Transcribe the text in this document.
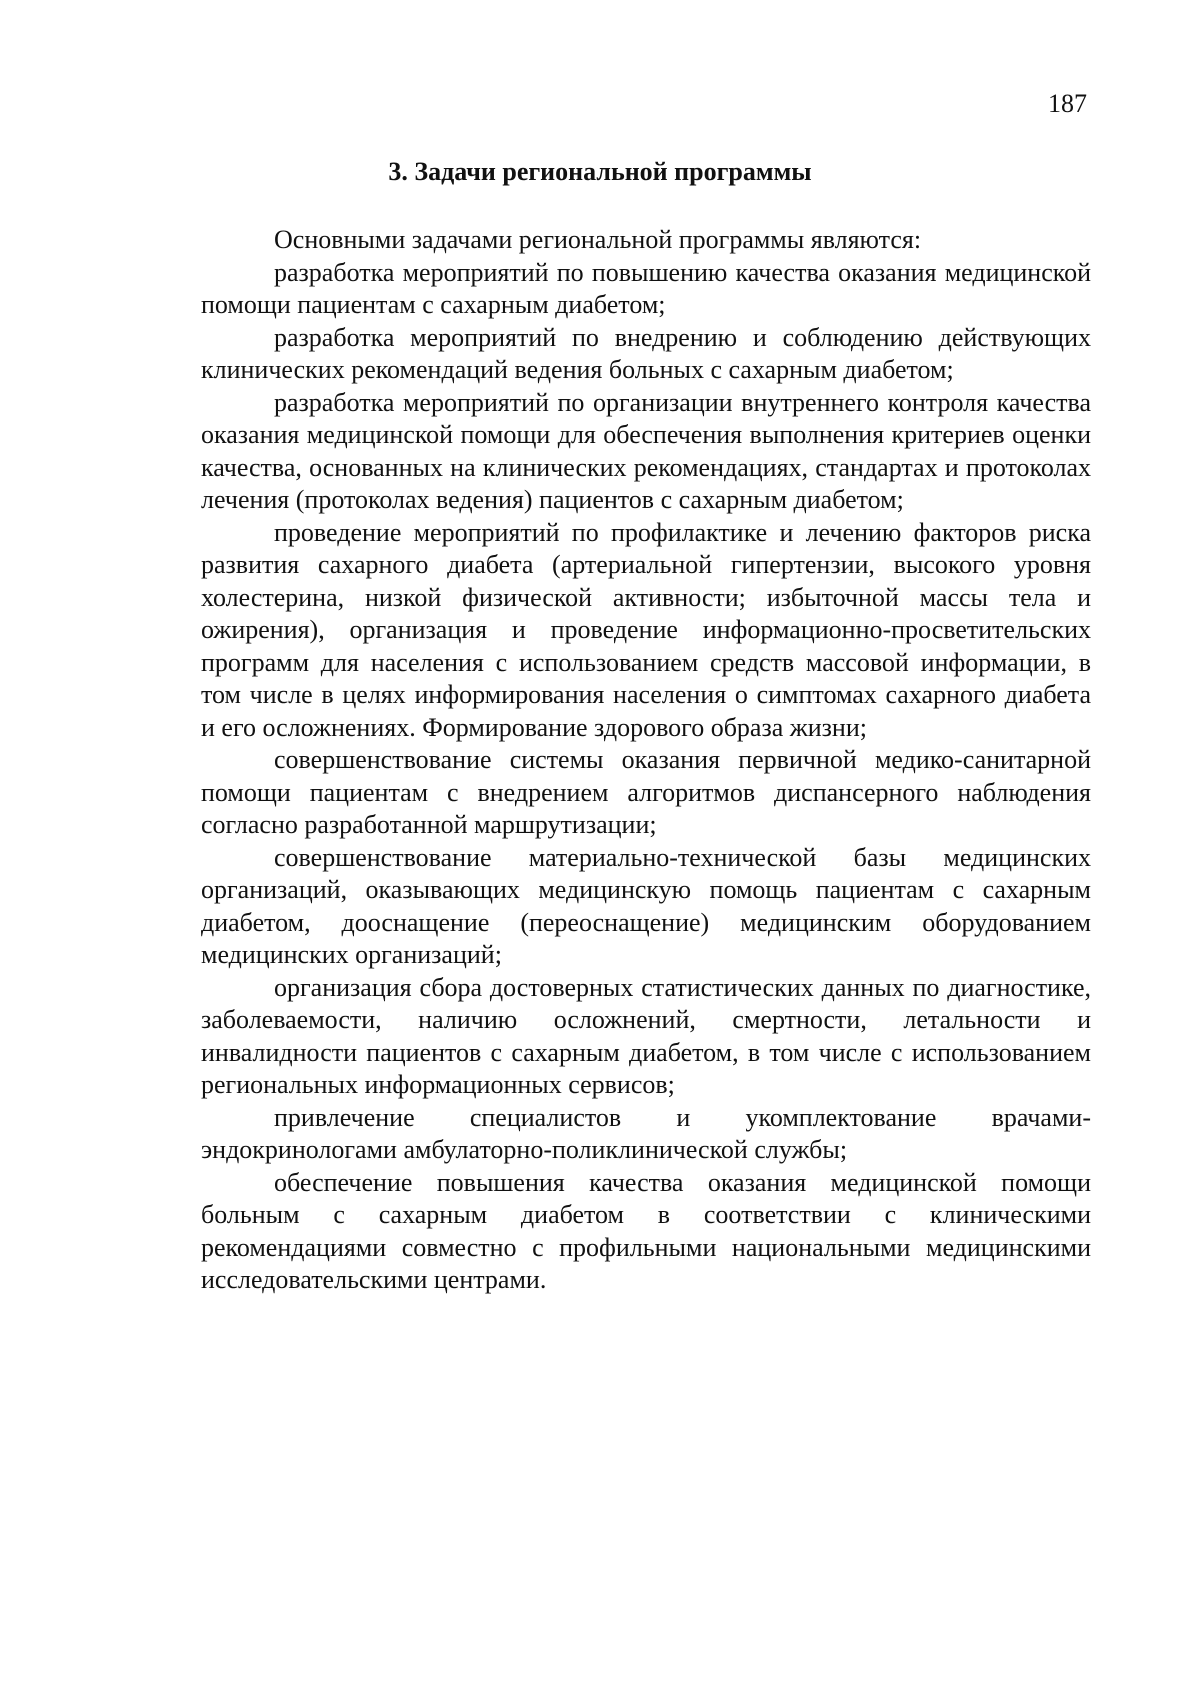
187

3. Задачи региональной программы

Основными задачами региональной программы являются:

разработка мероприятий по повышению качества оказания медицинской помощи пациентам с сахарным диабетом;

разработка мероприятий по внедрению и соблюдению действующих клинических рекомендаций ведения больных с сахарным диабетом;

разработка мероприятий по организации внутреннего контроля качества оказания медицинской помощи для обеспечения выполнения критериев оценки качества, основанных на клинических рекомендациях, стандартах и протоколах лечения (протоколах ведения) пациентов с сахарным диабетом;

проведение мероприятий по профилактике и лечению факторов риска развития сахарного диабета (артериальной гипертензии, высокого уровня холестерина, низкой физической активности; избыточной массы тела и ожирения), организация и проведение информационно-просветительских программ для населения с использованием средств массовой информации, в том числе в целях информирования населения о симптомах сахарного диабета и его осложнениях. Формирование здорового образа жизни;

совершенствование системы оказания первичной медико-санитарной помощи пациентам с внедрением алгоритмов диспансерного наблюдения согласно разработанной маршрутизации;

совершенствование материально-технической базы медицинских организаций, оказывающих медицинскую помощь пациентам с сахарным диабетом, дооснащение (переоснащение) медицинским оборудованием медицинских организаций;

организация сбора достоверных статистических данных по диагностике, заболеваемости, наличию осложнений, смертности, летальности и инвалидности пациентов с сахарным диабетом, в том числе с использованием региональных информационных сервисов;

привлечение специалистов и укомплектование врачами-эндокринологами амбулаторно-поликлинической службы;

обеспечение повышения качества оказания медицинской помощи больным с сахарным диабетом в соответствии с клиническими рекомендациями совместно с профильными национальными медицинскими исследовательскими центрами.
